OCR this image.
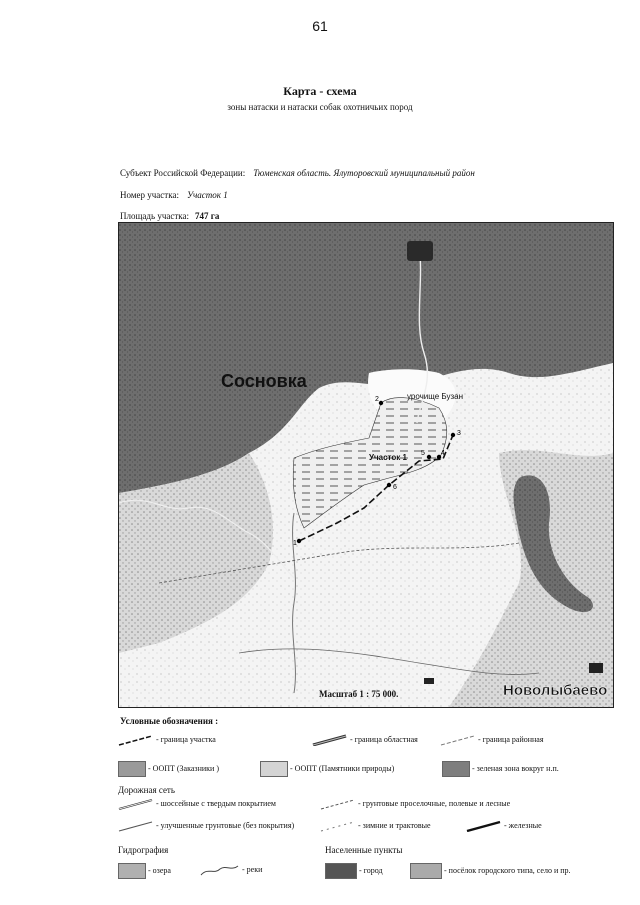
61
Карта - схема
зоны натаски и натаски собак охотничьих пород
Субъект Российской Федерации: Тюменская область. Ялуторовский муниципальный район
Номер участка: Участок 1
Площадь участка: 747 га
1
6
3
4
5
2
Сосновка
урочище Бузан
Участок 1
Новолыбаево
Масштаб 1 : 75 000.
Условные обозначения :
- граница участка	- граница областная	- граница районная
- ООПТ (Заказники )	- ООПТ (Памятники природы)	- зеленая зона вокруг н.п.
Дорожная сеть
- шоссейные с твердым покрытием	- грунтовые проселочные, полевые и лесные
- улучшенные грунтовые (без покрытия)	- зимние и трактовые	- железные
Гидрография	Населенные пункты
- озера	- реки	- город	- посёлок городского типа, село и пр.
